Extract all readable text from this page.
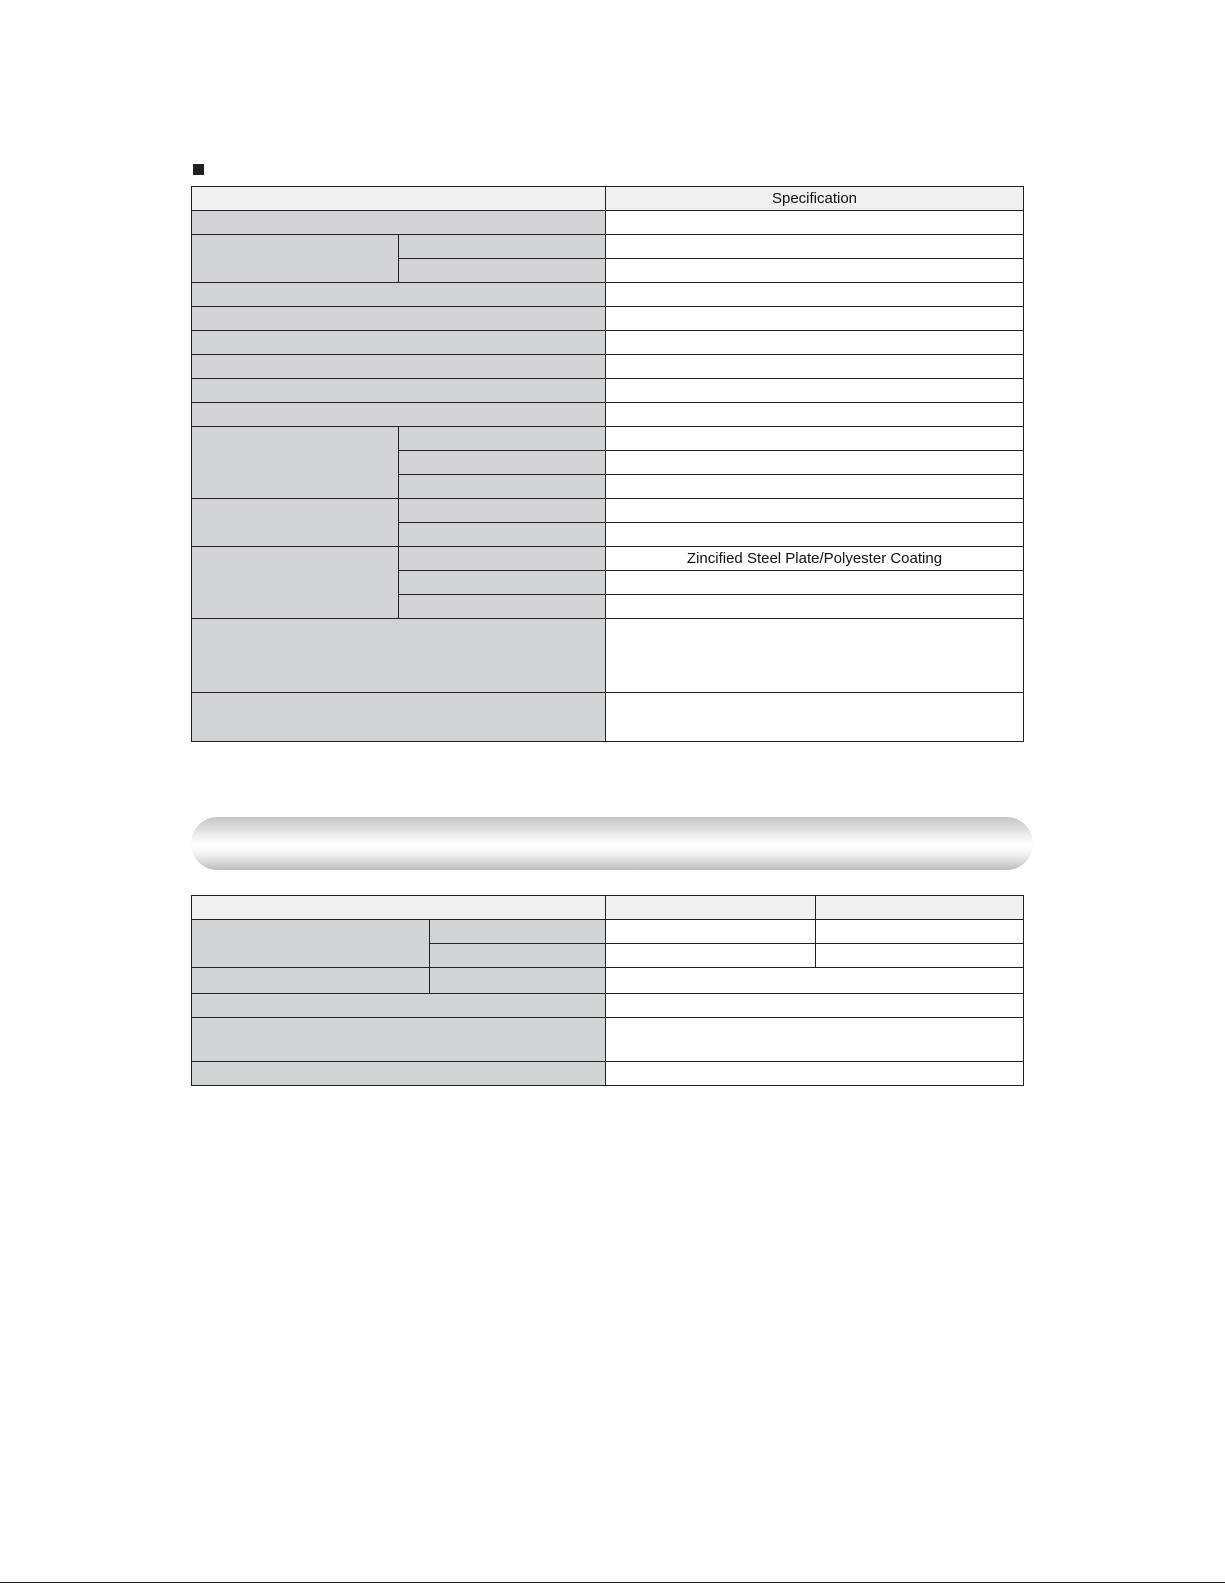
		Specification

		Zincified Steel Plate/Polyester Coating
